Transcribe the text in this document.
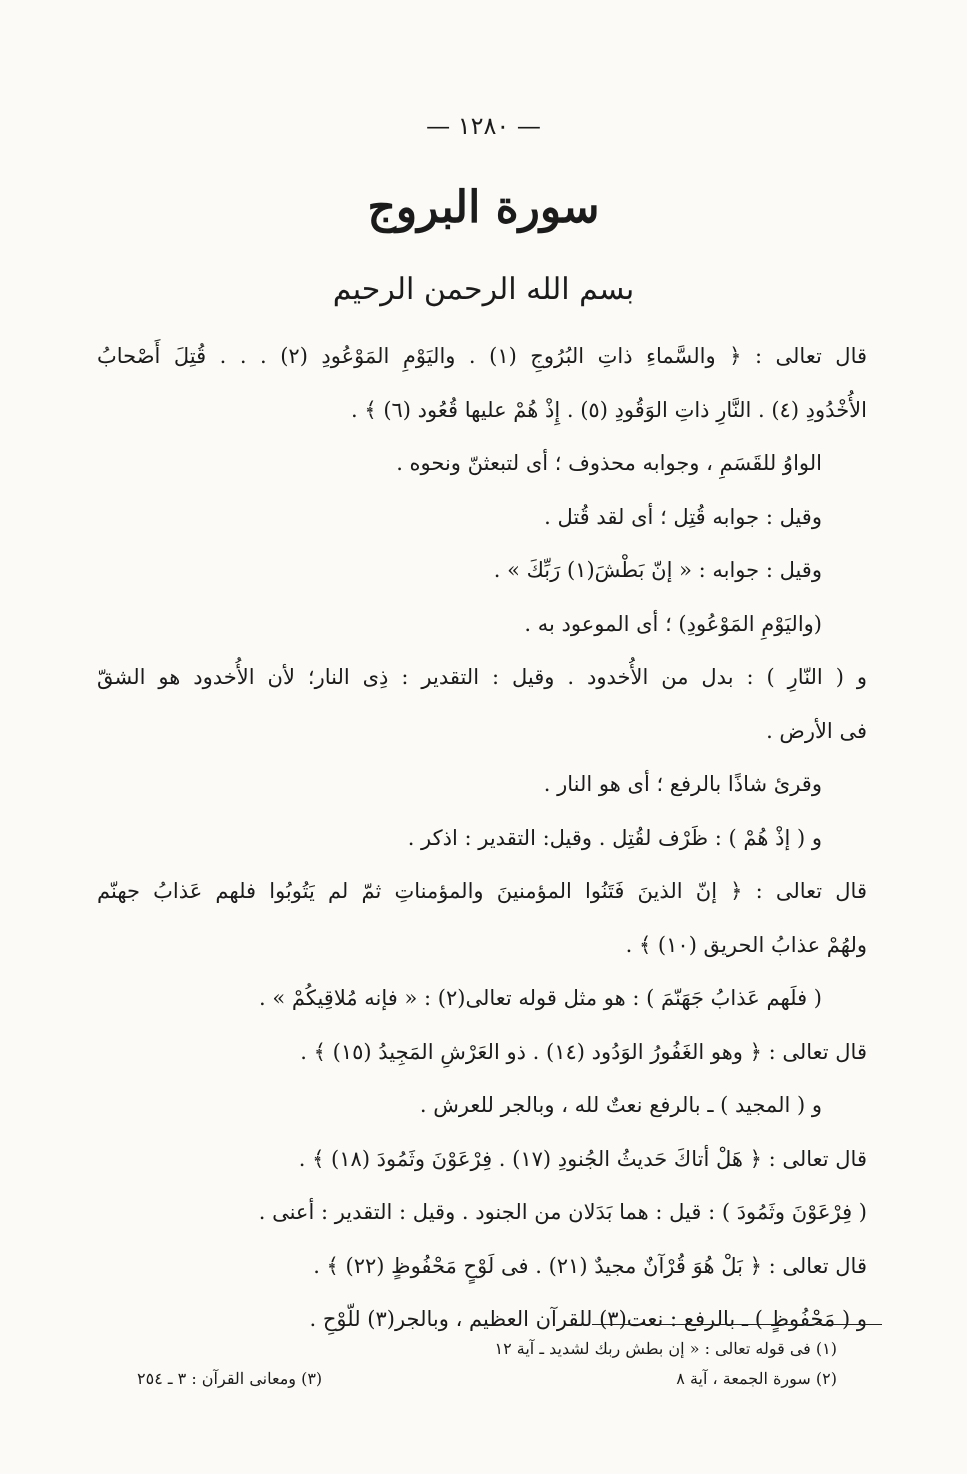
— ١٢٨٠ —
سورة البروج
بسم الله الرحمن الرحيم
قال تعالى : ﴿ والسَّماءِ ذاتِ البُرُوجِ (١) . واليَوْمِ المَوْعُودِ (٢) . . . قُتِلَ أَصْحابُ
الأُخْدُودِ (٤) . النَّارِ ذاتِ الوَقُودِ (٥) . إِذْ هُمْ عليها قُعُود (٦) ﴾ .
الواوُ للقَسَمِ ، وجوابه محذوف ؛ أى لتبعثنّ ونحوه .
وقيل : جوابه قُتِل ؛ أى لقد قُتل .
وقيل : جوابه : « إنّ بَطْشَ(١) رَبِّكَ » .
(واليَوْمِ المَوْعُودِ) ؛ أى الموعود به .
و ( النّارِ ) : بدل من الأُخدود . وقيل : التقدير : ذِى النار؛ لأن الأُخدود هو الشقّ
فى الأرض .
وقرئ شاذًا بالرفع ؛ أى هو النار .
و ( إذْ هُمْ ) : ظَرْف لقُتِل . وقيل: التقدير : اذكر .
قال تعالى : ﴿ إنّ الذينَ فَتَنُوا المؤمنينَ والمؤمناتِ ثمّ لم يَتُوبُوا فلهم عَذابُ جهنّم
ولهُمْ عذابُ الحريق (١٠) ﴾ .
( فلَهم عَذابُ جَهَنّمَ ) : هو مثل قوله تعالى(٢) : « فإنه مُلاقِيكُمْ » .
قال تعالى : ﴿ وهو الغَفُورُ الوَدُود (١٤) . ذو العَرْشِ المَجِيدُ (١٥) ﴾ .
و ( المجيد ) ـ بالرفع نعتٌ لله ، وبالجر للعرش .
قال تعالى : ﴿ هَلْ أتاكَ حَديثُ الجُنودِ (١٧) . فِرْعَوْنَ وثَمُودَ (١٨) ﴾ .
( فِرْعَوْنَ وثَمُودَ ) : قيل : هما بَدَلان من الجنود . وقيل : التقدير : أعنى .
قال تعالى : ﴿ بَلْ هُوَ قُرْآنٌ مجيدٌ (٢١) . فى لَوْحٍ مَحْفُوظٍ (٢٢) ﴾ .
و ( مَحْفُوظٍ ) ـ بالرفع : نعت(٣) للقرآن العظيم ، وبالجر(٣) للّوْحِ .
(١) فى قوله تعالى : « إن بطش ربك لشديد ـ آية ١٢
(٢) سورة الجمعة ، آية ٨
(٣) ومعانى القرآن : ٣ ـ ٢٥٤
